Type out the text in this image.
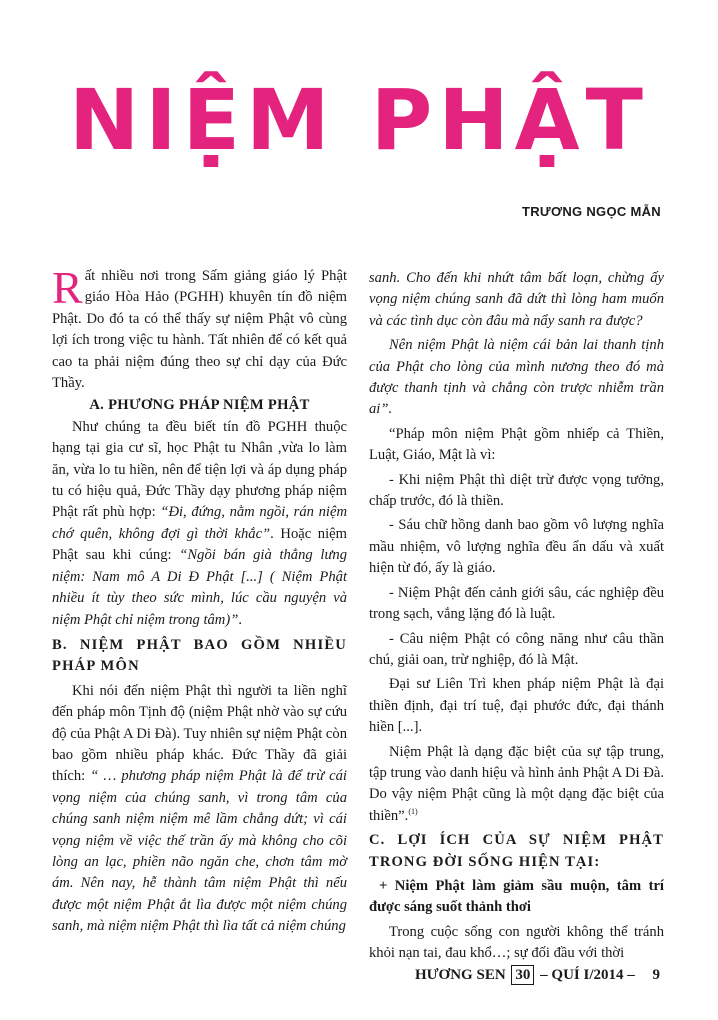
NIỆM PHẬT
TRƯƠNG NGỌC MẪN

Rất nhiều nơi trong Sấm giảng giáo lý Phật giáo Hòa Hảo (PGHH) khuyên tín đồ niệm Phật. Do đó ta có thể thấy sự niệm Phật vô cùng lợi ích trong việc tu hành. Tất nhiên để có kết quả cao ta phải niệm đúng theo sự chỉ dạy của Đức Thầy.

A. PHƯƠNG PHÁP NIỆM PHẬT

Như chúng ta đều biết tín đồ PGHH thuộc hạng tại gia cư sĩ, học Phật tu Nhân ,vừa lo làm ăn, vừa lo tu hiền, nên để tiện lợi và áp dụng pháp tu có hiệu quả, Đức Thầy dạy phương pháp niệm Phật rất phù hợp: “Đi, đứng, nằm ngồi, rán niệm chớ quên, không đợi gì thời khắc”. Hoặc niệm Phật sau khi cúng: “Ngồi bán già thẳng lưng niệm: Nam mô A Di Đ Phật [...] ( Niệm Phật nhiều ít tùy theo sức mình, lúc cầu nguyện và niệm Phật chỉ niệm trong tâm)”.

B. NIỆM PHẬT BAO GỒM NHIỀU PHÁP MÔN

Khi nói đến niệm Phật thì người ta liền nghĩ đến pháp môn Tịnh độ (niệm Phật nhờ vào sự cứu độ của Phật A Di Đà). Tuy nhiên sự niệm Phật còn bao gồm nhiều pháp khác. Đức Thầy đã giải thích: “ … phương pháp niệm Phật là để trừ cái vọng niệm của chúng sanh, vì trong tâm của chúng sanh niệm niệm mê lầm chẳng dứt; vì cái vọng niệm về việc thế trần ấy mà không cho cõi lòng an lạc, phiền não ngăn che, chơn tâm mờ ám. Nên nay, hễ thành tâm niệm Phật thì nếu được một niệm Phật ắt lìa được một niệm chúng sanh, mà niệm niệm Phật thì lìa tất cả niệm chúng

sanh. Cho đến khi nhứt tâm bất loạn, chừng ấy vọng niệm chúng sanh đã dứt thì lòng ham muốn và các tình dục còn đâu mà nẩy sanh ra được?

Nên niệm Phật là niệm cái bản lai thanh tịnh của Phật cho lòng của mình nương theo đó mà được thanh tịnh và chẳng còn trược nhiễm trần ai”.

“Pháp môn niệm Phật gồm nhiếp cả Thiền, Luật, Giáo, Mật là vì:

- Khi niệm Phật thì diệt trừ được vọng tưởng, chấp trước, đó là thiền.

- Sáu chữ hồng danh bao gồm vô lượng nghĩa mầu nhiệm, vô lượng nghĩa đều ẩn dấu và xuất hiện từ đó, ấy là giáo.

- Niệm Phật đến cảnh giới sâu, các nghiệp đều trong sạch, vắng lặng đó là luật.

- Câu niệm Phật có công năng như câu thần chú, giải oan, trừ nghiệp, đó là Mật.

Đại sư Liên Trì khen pháp niệm Phật là đại thiền định, đại trí tuệ, đại phước đức, đại thánh hiền [...].

Niệm Phật là dạng đặc biệt của sự tập trung, tập trung vào danh hiệu và hình ảnh Phật A Di Đà. Do vậy niệm Phật cũng là một dạng đặc biệt của thiền”.$^{(1)}$

C. LỢI ÍCH CỦA SỰ NIỆM PHẬT TRONG ĐỜI SỐNG HIỆN TẠI:

+ Niệm Phật làm giảm sầu muộn, tâm trí được sáng suốt thảnh thơi

Trong cuộc sống con người không thể tránh khỏi nạn tai, đau khổ…; sự đối đầu với thời

HƯƠNG SEN 30 – QUÍ I/2014 – 9
